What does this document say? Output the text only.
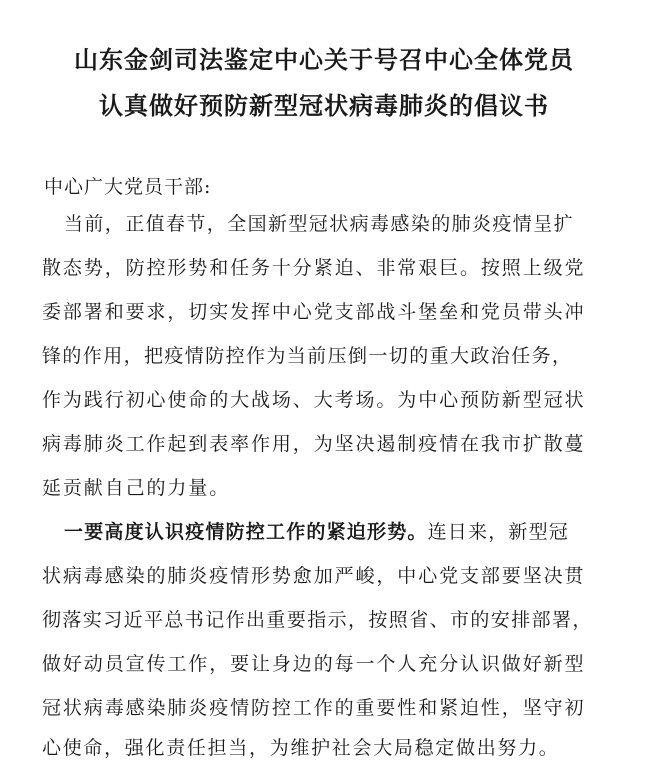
山东金剑司法鉴定中心关于号召中心全体党员
认真做好预防新型冠状病毒肺炎的倡议书
中心广大党员干部:
当前，正值春节，全国新型冠状病毒感染的肺炎疫情呈扩
散态势，防控形势和任务十分紧迫、非常艰巨。按照上级党
委部署和要求，切实发挥中心党支部战斗堡垒和党员带头冲
锋的作用，把疫情防控作为当前压倒一切的重大政治任务，
作为践行初心使命的大战场、大考场。为中心预防新型冠状
病毒肺炎工作起到表率作用，为坚决遏制疫情在我市扩散蔓
延贡献自己的力量。
一要高度认识疫情防控工作的紧迫形势。连日来，新型冠
状病毒感染的肺炎疫情形势愈加严峻，中心党支部要坚决贯
彻落实习近平总书记作出重要指示，按照省、市的安排部署，
做好动员宣传工作，要让身边的每一个人充分认识做好新型
冠状病毒感染肺炎疫情防控工作的重要性和紧迫性，坚守初
心使命，强化责任担当，为维护社会大局稳定做出努力。
